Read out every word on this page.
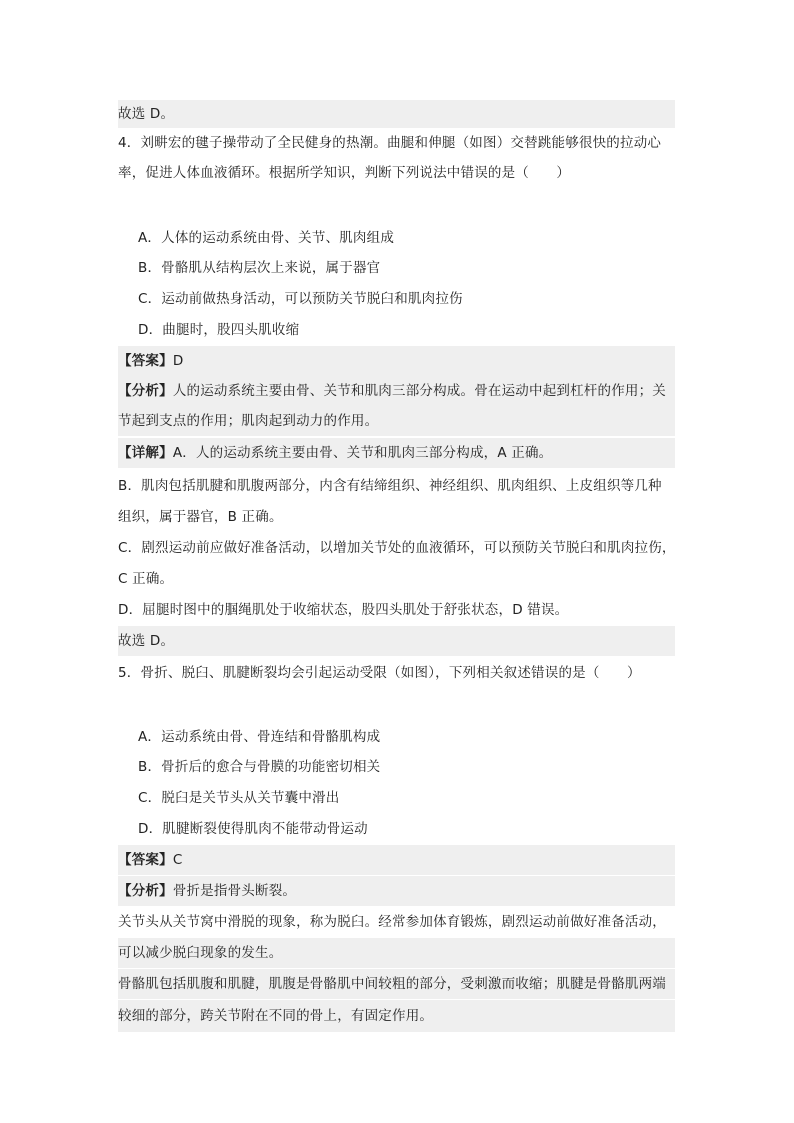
故选 D。
4．刘畊宏的毽子操带动了全民健身的热潮。曲腿和伸腿（如图）交替跳能够很快的拉动心
率，促进人体血液循环。根据所学知识，判断下列说法中错误的是（　　）
A．人体的运动系统由骨、关节、肌肉组成
B．骨骼肌从结构层次上来说，属于器官
C．运动前做热身活动，可以预防关节脱臼和肌肉拉伤
D．曲腿时，股四头肌收缩
【答案】D
【分析】人的运动系统主要由骨、关节和肌肉三部分构成。骨在运动中起到杠杆的作用；关
节起到支点的作用；肌肉起到动力的作用。
【详解】A．人的运动系统主要由骨、关节和肌肉三部分构成，A 正确。
B．肌肉包括肌腱和肌腹两部分，内含有结缔组织、神经组织、肌肉组织、上皮组织等几种
组织，属于器官，B 正确。
C．剧烈运动前应做好准备活动，以增加关节处的血液循环，可以预防关节脱臼和肌肉拉伤，
C 正确。
D．屈腿时图中的腘绳肌处于收缩状态，股四头肌处于舒张状态，D 错误。
故选 D。
5．骨折、脱臼、肌腱断裂均会引起运动受限（如图），下列相关叙述错误的是（　　）
A．运动系统由骨、骨连结和骨骼肌构成
B．骨折后的愈合与骨膜的功能密切相关
C．脱臼是关节头从关节囊中滑出
D．肌腱断裂使得肌肉不能带动骨运动
【答案】C
【分析】骨折是指骨头断裂。
关节头从关节窝中滑脱的现象，称为脱臼。经常参加体育锻炼，剧烈运动前做好准备活动，
可以减少脱臼现象的发生。
骨骼肌包括肌腹和肌腱，肌腹是骨骼肌中间较粗的部分，受刺激而收缩；肌腱是骨骼肌两端
较细的部分，跨关节附在不同的骨上，有固定作用。
